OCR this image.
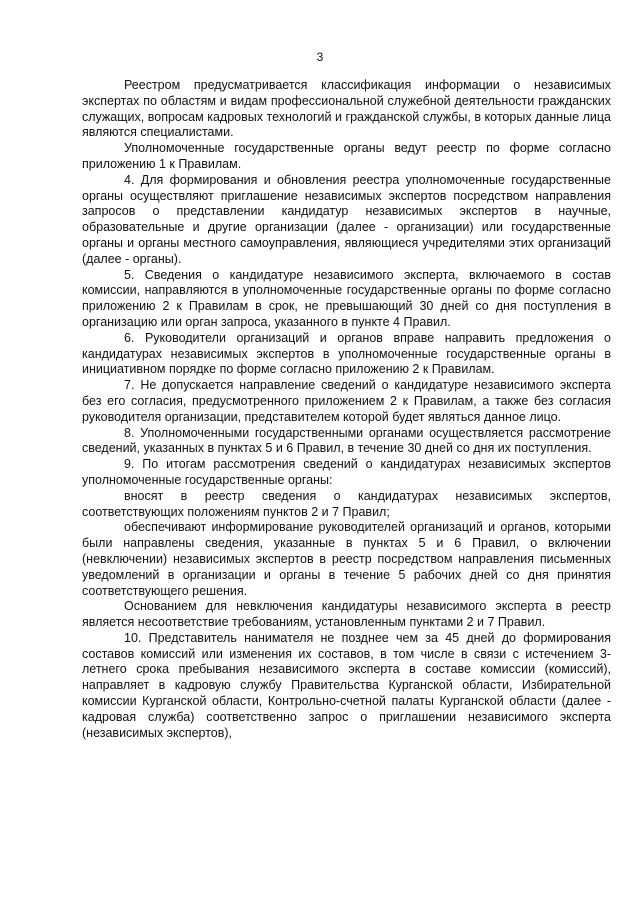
3

Реестром предусматривается классификация информации о независимых экспертах по областям и видам профессиональной служебной деятельности гражданских служащих, вопросам кадровых технологий и гражданской службы, в которых данные лица являются специалистами.

Уполномоченные государственные органы ведут реестр по форме согласно приложению 1 к Правилам.

4. Для формирования и обновления реестра уполномоченные государственные органы осуществляют приглашение независимых экспертов посредством направления запросов о представлении кандидатур независимых экспертов в научные, образовательные и другие организации (далее - организации) или государственные органы и органы местного самоуправления, являющиеся учредителями этих организаций (далее - органы).

5. Сведения о кандидатуре независимого эксперта, включаемого в состав комиссии, направляются в уполномоченные государственные органы по форме согласно приложению 2 к Правилам в срок, не превышающий 30 дней со дня поступления в организацию или орган запроса, указанного в пункте 4 Правил.

6. Руководители организаций и органов вправе направить предложения о кандидатурах независимых экспертов в уполномоченные государственные органы в инициативном порядке по форме согласно приложению 2 к Правилам.

7. Не допускается направление сведений о кандидатуре независимого эксперта без его согласия, предусмотренного приложением 2 к Правилам, а также без согласия руководителя организации, представителем которой будет являться данное лицо.

8. Уполномоченными государственными органами осуществляется рассмотрение сведений, указанных в пунктах 5 и 6 Правил, в течение 30 дней со дня их поступления.

9. По итогам рассмотрения сведений о кандидатурах независимых экспертов уполномоченные государственные органы:

вносят в реестр сведения о кандидатурах независимых экспертов, соответствующих положениям пунктов 2 и 7 Правил;

обеспечивают информирование руководителей организаций и органов, которыми были направлены сведения, указанные в пунктах 5 и 6 Правил, о включении (невключении) независимых экспертов в реестр посредством направления письменных уведомлений в организации и органы в течение 5 рабочих дней со дня принятия соответствующего решения.

Основанием для невключения кандидатуры независимого эксперта в реестр является несоответствие требованиям, установленным пунктами 2 и 7 Правил.

10. Представитель нанимателя не позднее чем за 45 дней до формирования составов комиссий или изменения их составов, в том числе в связи с истечением 3-летнего срока пребывания независимого эксперта в составе комиссии (комиссий), направляет в кадровую службу Правительства Курганской области, Избирательной комиссии Курганской области, Контрольно-счетной палаты Курганской области (далее - кадровая служба) соответственно запрос о приглашении независимого эксперта (независимых экспертов),
